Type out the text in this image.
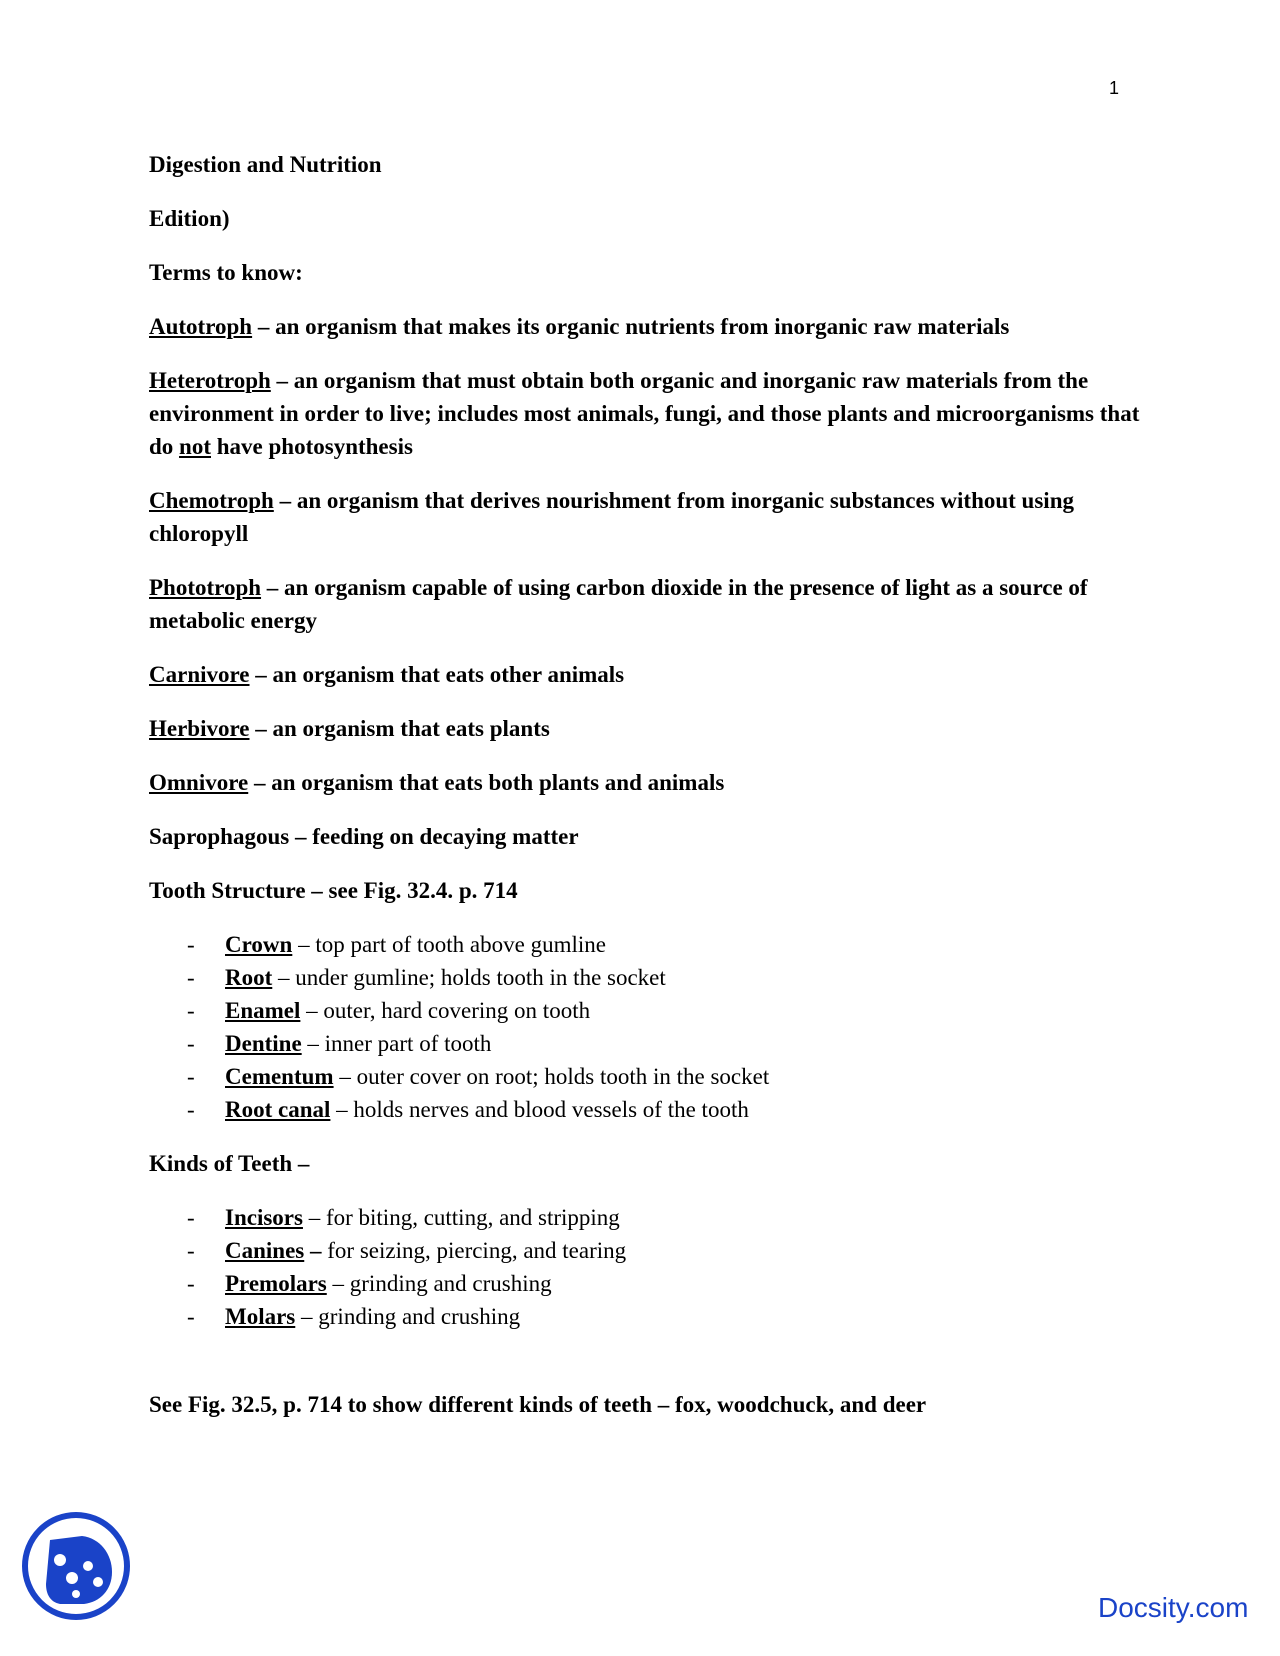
1

Digestion and Nutrition

Edition)

Terms to know:

Autotroph – an organism that makes its organic nutrients from inorganic raw materials

Heterotroph – an organism that must obtain both organic and inorganic raw materials from the environment in order to live; includes most animals, fungi, and those plants and microorganisms that do not have photosynthesis

Chemotroph – an organism that derives nourishment from inorganic substances without using chloropyll

Phototroph – an organism capable of using carbon dioxide in the presence of light as a source of metabolic energy

Carnivore – an organism that eats other animals

Herbivore – an organism that eats plants

Omnivore – an organism that eats both plants and animals

Saprophagous – feeding on decaying matter

Tooth Structure – see Fig. 32.4. p. 714

- Crown – top part of tooth above gumline
- Root – under gumline; holds tooth in the socket
- Enamel – outer, hard covering on tooth
- Dentine – inner part of tooth
- Cementum – outer cover on root; holds tooth in the socket
- Root canal – holds nerves and blood vessels of the tooth

Kinds of Teeth –

- Incisors – for biting, cutting, and stripping
- Canines – for seizing, piercing, and tearing
- Premolars – grinding and crushing
- Molars – grinding and crushing

See Fig. 32.5, p. 714 to show different kinds of teeth – fox, woodchuck, and deer

Docsity.com
